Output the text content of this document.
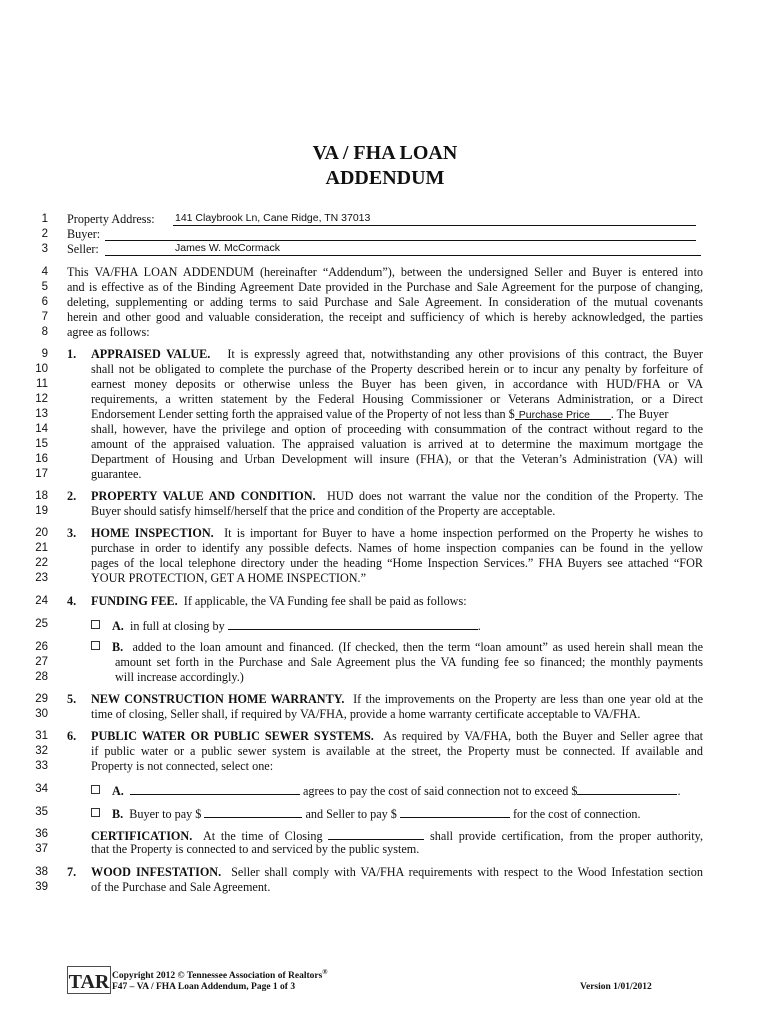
VA / FHA LOAN
ADDENDUM
1
2
3
4
5
6
7
8
9
10
11
12
13
14
15
16
17
18
19
20
21
22
23
24
25
26
27
28
29
30
31
32
33
34
35
36
37
38
39
Property Address:	141 Claybrook Ln, Cane Ridge, TN 37013
Buyer:
Seller:	James W. McCormack
This VA/FHA LOAN ADDENDUM (hereinafter “Addendum”), between the undersigned Seller and Buyer is entered into
and is effective as of the Binding Agreement Date provided in the Purchase and Sale Agreement for the purpose of changing,
deleting, supplementing or adding terms to said Purchase and Sale Agreement. In consideration of the mutual covenants
herein and other good and valuable consideration, the receipt and sufficiency of which is hereby acknowledged, the parties
agree as follows:
1. APPRAISED VALUE. It is expressly agreed that, notwithstanding any other provisions of this contract, the Buyer
shall not be obligated to complete the purchase of the Property described herein or to incur any penalty by forfeiture of
earnest money deposits or otherwise unless the Buyer has been given, in accordance with HUD/FHA or VA
requirements, a written statement by the Federal Housing Commissioner or Veterans Administration, or a Direct
Endorsement Lender setting forth the appraised value of the Property of not less than $ Purchase Price . The Buyer
shall, however, have the privilege and option of proceeding with consummation of the contract without regard to the
amount of the appraised valuation. The appraised valuation is arrived at to determine the maximum mortgage the
Department of Housing and Urban Development will insure (FHA), or that the Veteran’s Administration (VA) will
guarantee.
2. PROPERTY VALUE AND CONDITION. HUD does not warrant the value nor the condition of the Property. The
Buyer should satisfy himself/herself that the price and condition of the Property are acceptable.
3. HOME INSPECTION. It is important for Buyer to have a home inspection performed on the Property he wishes to
purchase in order to identify any possible defects. Names of home inspection companies can be found in the yellow
pages of the local telephone directory under the heading “Home Inspection Services.” FHA Buyers see attached “FOR
YOUR PROTECTION, GET A HOME INSPECTION.”
4. FUNDING FEE. If applicable, the VA Funding fee shall be paid as follows:
A. in full at closing by	.
B. added to the loan amount and financed. (If checked, then the term “loan amount” as used herein shall mean the
amount set forth in the Purchase and Sale Agreement plus the VA funding fee so financed; the monthly payments
will increase accordingly.)
5. NEW CONSTRUCTION HOME WARRANTY. If the improvements on the Property are less than one year old at the
time of closing, Seller shall, if required by VA/FHA, provide a home warranty certificate acceptable to VA/FHA.
6. PUBLIC WATER OR PUBLIC SEWER SYSTEMS. As required by VA/FHA, both the Buyer and Seller agree that
if public water or a public sewer system is available at the street, the Property must be connected. If available and
Property is not connected, select one:
A.	agrees to pay the cost of said connection not to exceed $	.
B. Buyer to pay $	and Seller to pay $	for the cost of connection.
CERTIFICATION. At the time of Closing	shall provide certification, from the proper authority,
that the Property is connected to and serviced by the public system.
7. WOOD INFESTATION. Seller shall comply with VA/FHA requirements with respect to the Wood Infestation section
of the Purchase and Sale Agreement.
TAR Copyright 2012 © Tennessee Association of Realtors®
F47 – VA / FHA Loan Addendum, Page 1 of 3	Version 1/01/2012
